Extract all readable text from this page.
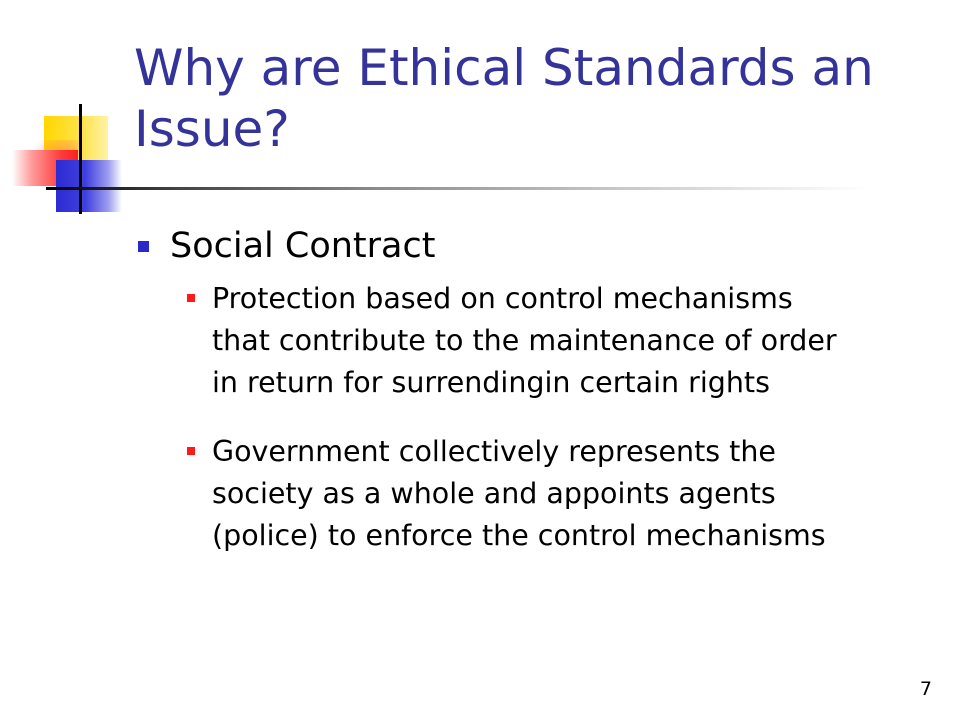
Why are Ethical Standards an Issue?
Social Contract
Protection based on control mechanisms
that contribute to the maintenance of order
in return for surrendingin certain rights
Government collectively represents the
society as a whole and appoints agents
(police) to enforce the control mechanisms
7
